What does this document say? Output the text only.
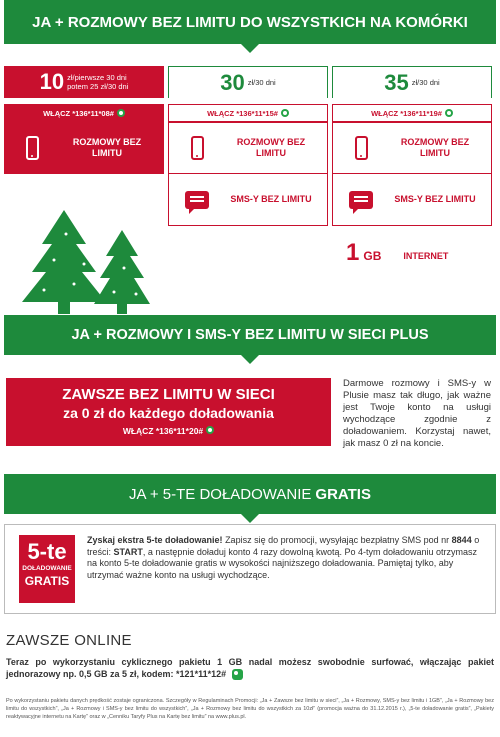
JA + ROZMOWY BEZ LIMITU DO WSZYSTKICH NA KOMÓRKI
10 zł/pierwsze 30 dni
potem 25 zł/30 dni
WŁĄCZ *136*11*08#
ROZMOWY BEZ LIMITU
30 zł/30 dni
WŁĄCZ *136*11*15#
ROZMOWY BEZ LIMITU
SMS-Y BEZ LIMITU
35 zł/30 dni
WŁĄCZ *136*11*19#
ROZMOWY BEZ LIMITU
SMS-Y BEZ LIMITU
1 GB INTERNET
JA + ROZMOWY I SMS-Y BEZ LIMITU W SIECI PLUS
ZAWSZE BEZ LIMITU W SIECI
za 0 zł do każdego doładowania
WŁĄCZ *136*11*20#
Darmowe rozmowy i SMS-y w Plusie masz tak długo, jak ważne jest Twoje konto na usługi wychodzące zgodnie z doładowaniem. Korzystaj nawet, jak masz 0 zł na koncie.
JA + 5-TE DOŁADOWANIE GRATIS
5-te
DOŁADOWANIE
GRATIS
Zyskaj ekstra 5-te doładowanie! Zapisz się do promocji, wysyłając bezpłatny SMS pod nr 8844 o treści: START, a następnie doładuj konto 4 razy dowolną kwotą. Po 4-tym doładowaniu otrzymasz na konto 5-te doładowanie gratis w wysokości najniższego doładowania. Pamiętaj tylko, aby utrzymać ważne konto na usługi wychodzące.
ZAWSZE ONLINE
Teraz po wykorzystaniu cyklicznego pakietu 1 GB nadal możesz swobodnie surfować, włączając pakiet jednorazowy np. 0,5 GB za 5 zł, kodem: *121*11*12#
Po wykorzystaniu pakietu danych prędkość zostaje ograniczona. Szczegóły w Regulaminach Promocji: „Ja + Zawsze bez limitu w sieci”, „Ja + Rozmowy, SMS-y bez limitu i 1GB”, „Ja + Rozmowy bez limitu do wszystkich”, „Ja + Rozmowy i SMS-y bez limitu do wszystkich”, „Ja + Rozmowy bez limitu do wszystkich za 10zł” (promocja ważna do 31.12.2015 r.), „5-te doładowanie gratis”, „Pakiety reaktywacyjne internetu na Kartę” oraz w „Cenniku Taryfy Plus na Kartę bez limitu” na www.plus.pl.
